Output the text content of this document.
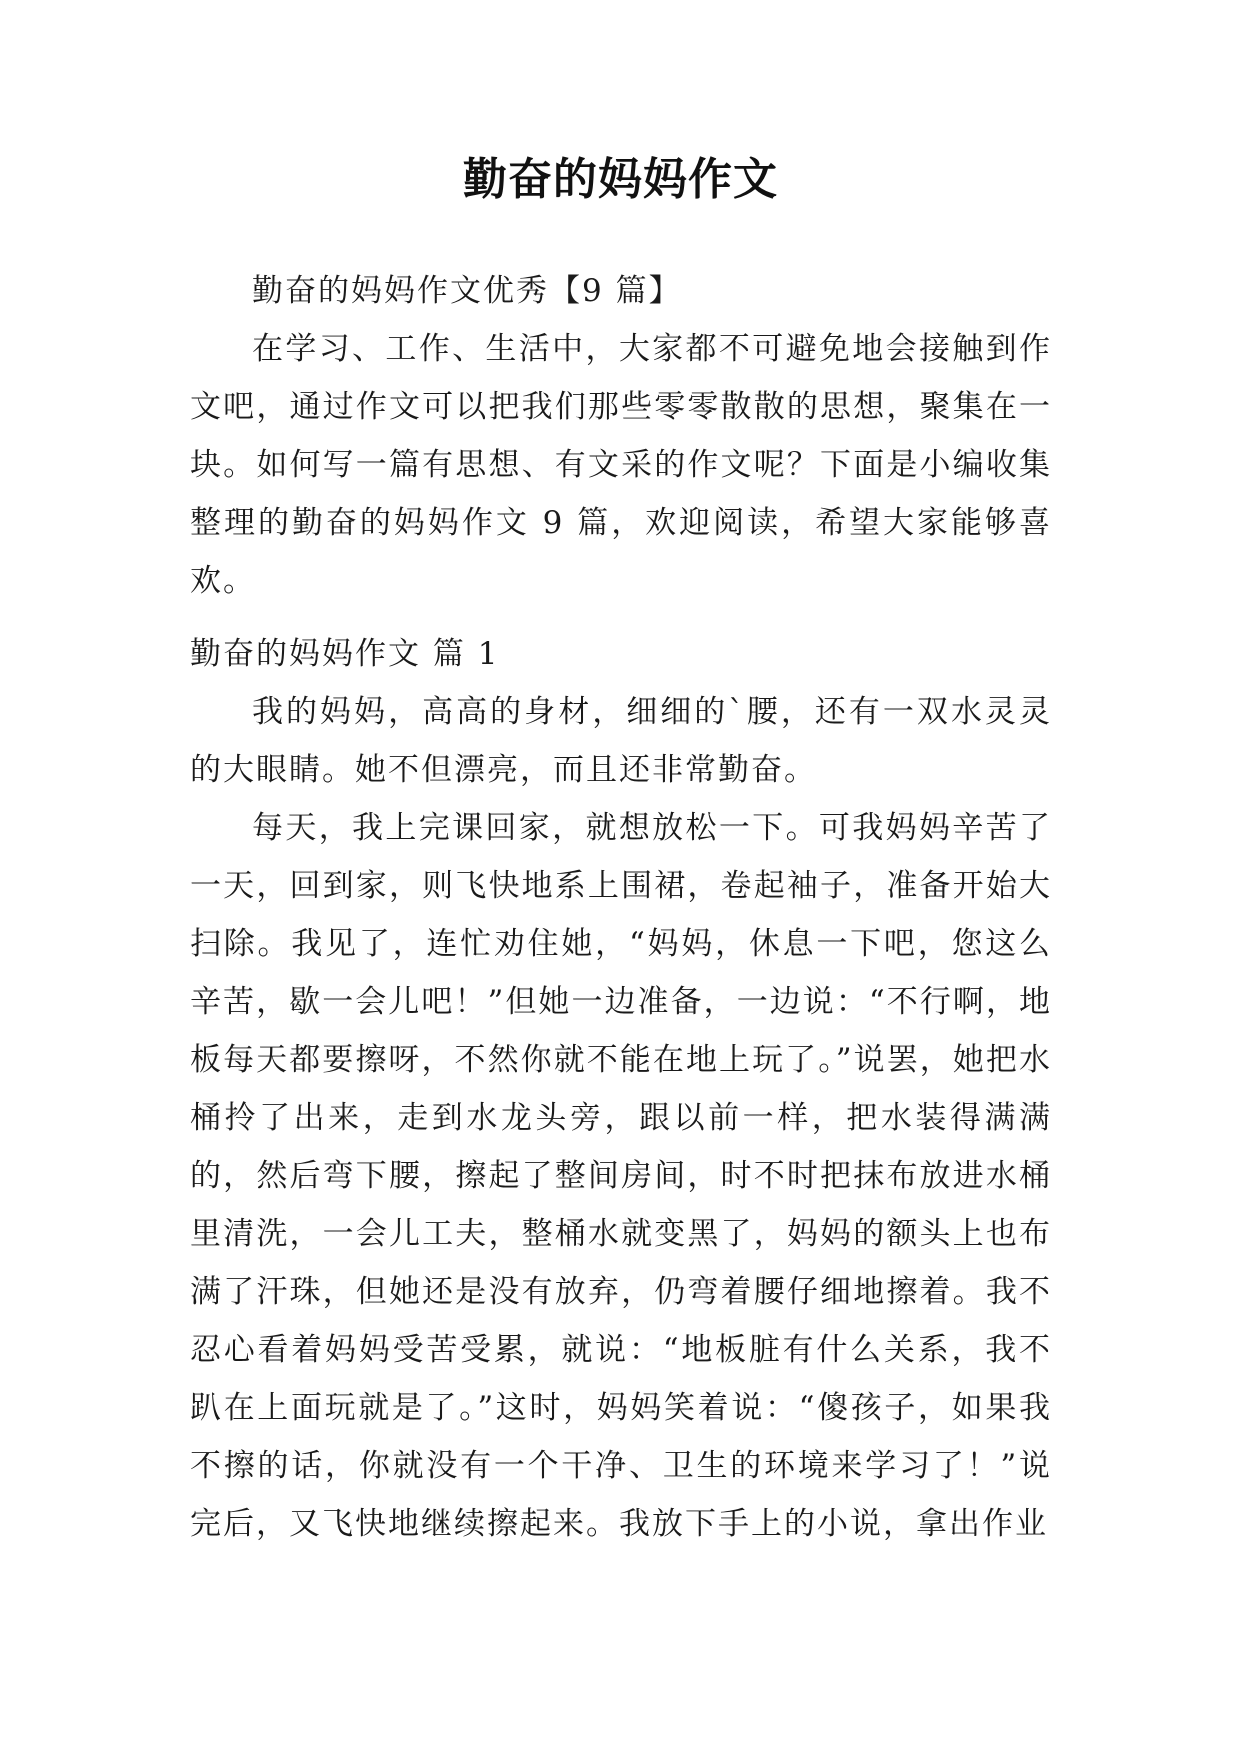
勤奋的妈妈作文

勤奋的妈妈作文优秀【9 篇】

在学习、工作、生活中，大家都不可避免地会接触到作文吧，通过作文可以把我们那些零零散散的思想，聚集在一块。如何写一篇有思想、有文采的作文呢？下面是小编收集整理的勤奋的妈妈作文 9 篇，欢迎阅读，希望大家能够喜欢。

勤奋的妈妈作文 篇 1

我的妈妈，高高的身材，细细的`腰，还有一双水灵灵的大眼睛。她不但漂亮，而且还非常勤奋。

每天，我上完课回家，就想放松一下。可我妈妈辛苦了一天，回到家，则飞快地系上围裙，卷起袖子，准备开始大扫除。我见了，连忙劝住她，“妈妈，休息一下吧，您这么辛苦，歇一会儿吧！”但她一边准备，一边说：“不行啊，地板每天都要擦呀，不然你就不能在地上玩了。”说罢，她把水桶拎了出来，走到水龙头旁，跟以前一样，把水装得满满的，然后弯下腰，擦起了整间房间，时不时把抹布放进水桶里清洗，一会儿工夫，整桶水就变黑了，妈妈的额头上也布满了汗珠，但她还是没有放弃，仍弯着腰仔细地擦着。我不忍心看着妈妈受苦受累，就说：“地板脏有什么关系，我不趴在上面玩就是了。”这时，妈妈笑着说：“傻孩子，如果我不擦的话，你就没有一个干净、卫生的环境来学习了！”说完后，又飞快地继续擦起来。我放下手上的小说，拿出作业
